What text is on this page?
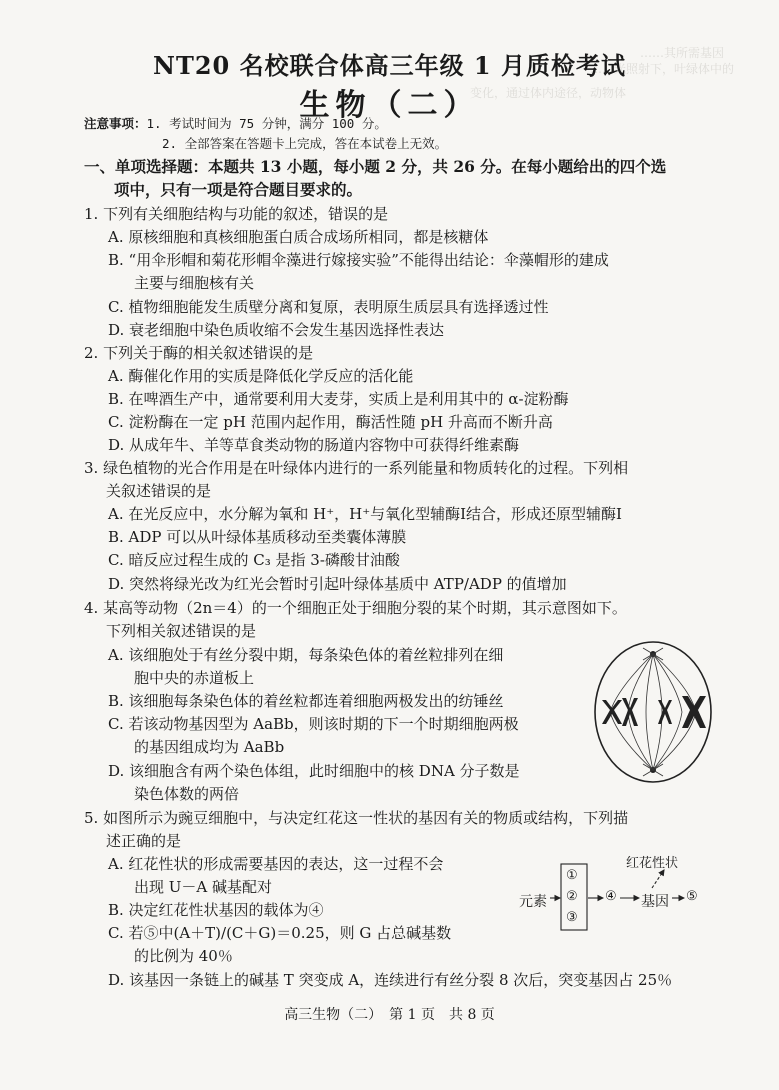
……其所需基因
……光照射下，叶绿体中的
变化，通过体内途径，动物体
NT20 名校联合体高三年级 1 月质检考试
生物（二）
注意事项：1. 考试时间为 75 分钟，满分 100 分。
2. 全部答案在答题卡上完成，答在本试卷上无效。
一、单项选择题：本题共 13 小题，每小题 2 分，共 26 分。在每小题给出的四个选
项中，只有一项是符合题目要求的。
1. 下列有关细胞结构与功能的叙述，错误的是
A. 原核细胞和真核细胞蛋白质合成场所相同，都是核糖体
B. “用伞形帽和菊花形帽伞藻进行嫁接实验”不能得出结论：伞藻帽形的建成
主要与细胞核有关
C. 植物细胞能发生质壁分离和复原，表明原生质层具有选择透过性
D. 衰老细胞中染色质收缩不会发生基因选择性表达
2. 下列关于酶的相关叙述错误的是
A. 酶催化作用的实质是降低化学反应的活化能
B. 在啤酒生产中，通常要利用大麦芽，实质上是利用其中的 α-淀粉酶
C. 淀粉酶在一定 pH 范围内起作用，酶活性随 pH 升高而不断升高
D. 从成年牛、羊等草食类动物的肠道内容物中可获得纤维素酶
3. 绿色植物的光合作用是在叶绿体内进行的一系列能量和物质转化的过程。下列相
关叙述错误的是
A. 在光反应中，水分解为氧和 H⁺，H⁺与氧化型辅酶Ⅰ结合，形成还原型辅酶Ⅰ
B. ADP 可以从叶绿体基质移动至类囊体薄膜
C. 暗反应过程生成的 C₃ 是指 3-磷酸甘油酸
D. 突然将绿光改为红光会暂时引起叶绿体基质中 ATP/ADP 的值增加
4. 某高等动物（2n＝4）的一个细胞正处于细胞分裂的某个时期，其示意图如下。
下列相关叙述错误的是
A. 该细胞处于有丝分裂中期，每条染色体的着丝粒排列在细
胞中央的赤道板上
B. 该细胞每条染色体的着丝粒都连着细胞两极发出的纺锤丝
C. 若该动物基因型为 AaBb，则该时期的下一个时期细胞两极
的基因组成均为 AaBb
D. 该细胞含有两个染色体组，此时细胞中的核 DNA 分子数是
染色体数的两倍
5. 如图所示为豌豆细胞中，与决定红花这一性状的基因有关的物质或结构，下列描
述正确的是
A. 红花性状的形成需要基因的表达，这一过程不会
出现 U－A 碱基配对
B. 决定红花性状基因的载体为④
C. 若⑤中(A＋T)/(C＋G)＝0.25，则 G 占总碱基数
的比例为 40％
D. 该基因一条链上的碱基 T 突变成 A，连续进行有丝分裂 8 次后，突变基因占 25％
红花性状
元素	基因
①
②
③
④	⑤
高三生物（二）　第 1 页　共 8 页
